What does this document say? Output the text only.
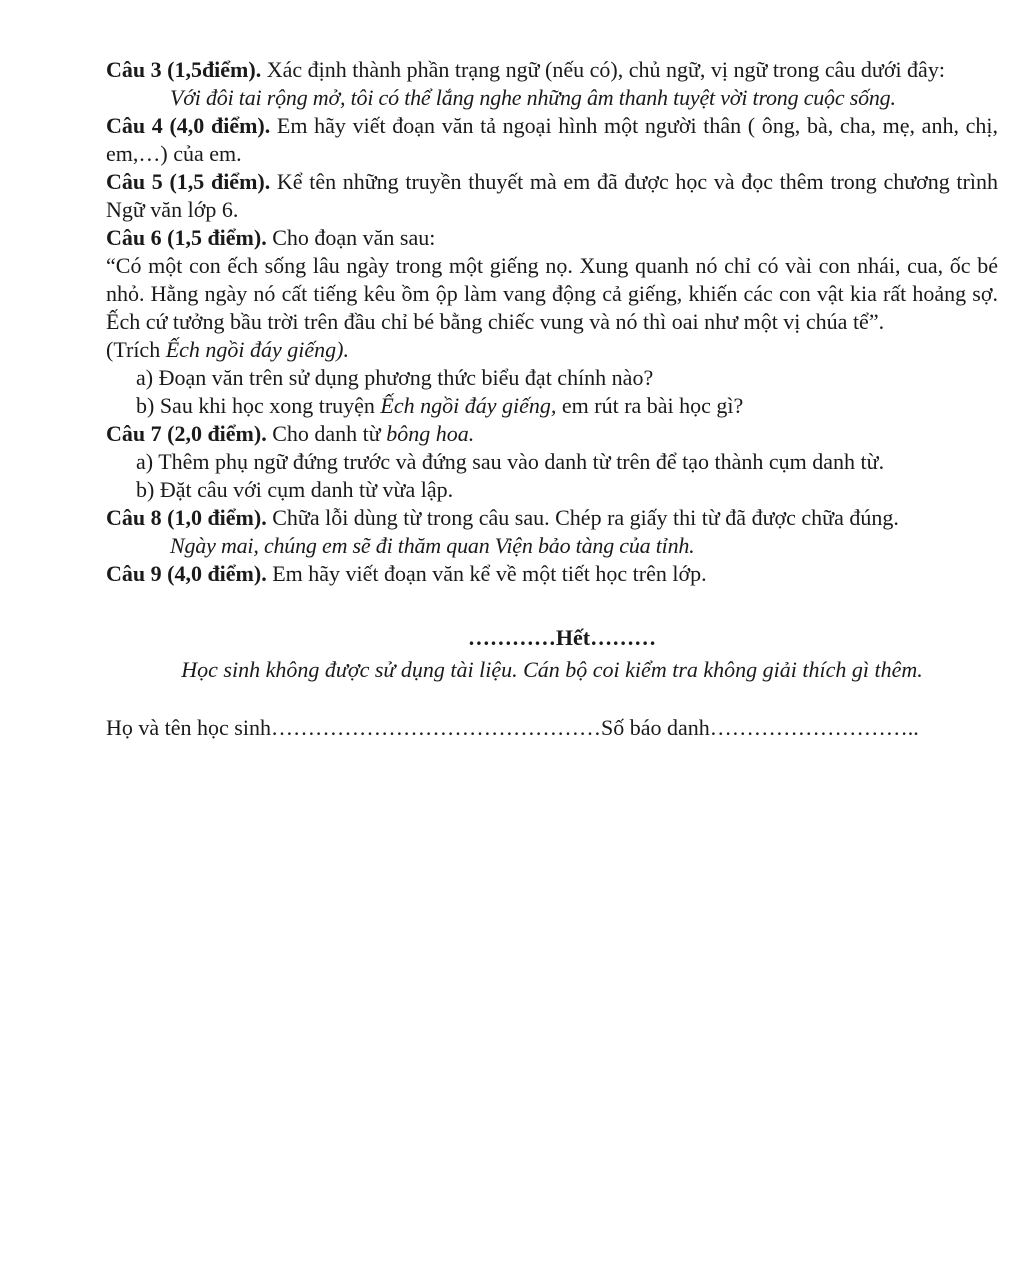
Câu 3 (1,5điểm). Xác định thành phần trạng ngữ (nếu có), chủ ngữ, vị ngữ trong câu dưới đây:

Với đôi tai rộng mở, tôi có thể lắng nghe những âm thanh tuyệt vời trong cuộc sống.

Câu 4 (4,0 điểm). Em hãy viết đoạn văn tả ngoại hình một người thân ( ông, bà, cha, mẹ, anh, chị, em,…) của em.

Câu 5 (1,5 điểm). Kể tên những truyền thuyết mà em đã được học và đọc thêm trong chương trình Ngữ văn lớp 6.

Câu 6 (1,5 điểm). Cho đoạn văn sau:

“Có một con ếch sống lâu ngày trong một giếng nọ. Xung quanh nó chỉ có vài con nhái, cua, ốc bé nhỏ. Hằng ngày nó cất tiếng kêu ồm ộp làm vang động cả giếng, khiến các con vật kia rất hoảng sợ. Ếch cứ tưởng bầu trời trên đầu chỉ bé bằng chiếc vung và nó thì oai như một vị chúa tể”.

(Trích Ếch ngồi đáy giếng).

a) Đoạn văn trên sử dụng phương thức biểu đạt chính nào?

b) Sau khi học xong truyện Ếch ngồi đáy giếng, em rút ra bài học gì?

Câu 7 (2,0 điểm). Cho danh từ bông hoa.

a) Thêm phụ ngữ đứng trước và đứng sau vào danh từ trên để tạo thành cụm danh từ.

b) Đặt câu với cụm danh từ vừa lập.

Câu 8 (1,0 điểm). Chữa lỗi dùng từ trong câu sau. Chép ra giấy thi từ đã được chữa đúng.

Ngày mai, chúng em sẽ đi thăm quan Viện bảo tàng của tỉnh.

Câu 9 (4,0 điểm). Em hãy viết đoạn văn kể về một tiết học trên lớp.

…………Hết………

Học sinh không được sử dụng tài liệu. Cán bộ coi kiểm tra không giải thích gì thêm.

Họ và tên học sinh……………………………………… Số báo danh………………………..
